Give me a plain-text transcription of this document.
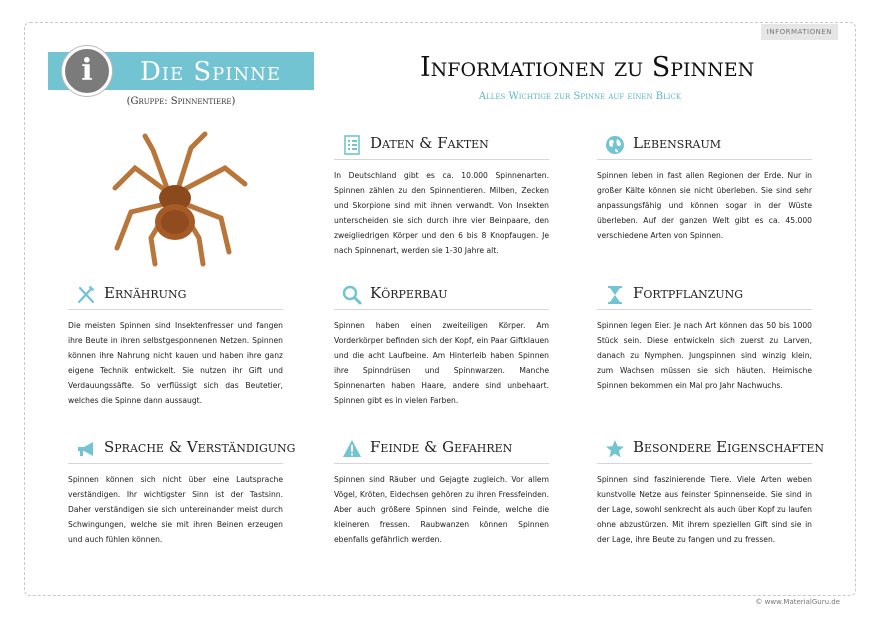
INFORMATIONEN
Die Spinne
i
(Gruppe: Spinnentiere)
Informationen zu Spinnen
Alles Wichtige zur Spinne auf einen Blick
Daten & Fakten
In Deutschland gibt es ca. 10.000 Spinnenarten. Spinnen zählen zu den Spinnentieren. Milben, Zecken und Skorpione sind mit ihnen verwandt. Von Insekten unterscheiden sie sich durch ihre vier Beinpaare, den zweigliedrigen Körper und den 6 bis 8 Knopfaugen. Je nach Spinnenart, werden sie 1-30 Jahre alt.
Lebensraum
Spinnen leben in fast allen Regionen der Erde. Nur in großer Kälte können sie nicht überleben. Sie sind sehr anpassungsfähig und können sogar in der Wüste überleben. Auf der ganzen Welt gibt es ca. 45.000 verschiedene Arten von Spinnen.
Ernährung
Die meisten Spinnen sind Insektenfresser und fangen ihre Beute in ihren selbstgesponnenen Netzen. Spinnen können ihre Nahrung nicht kauen und haben ihre ganz eigene Technik entwickelt. Sie nutzen ihr Gift und Verdauungssäfte. So verflüssigt sich das Beutetier, welches die Spinne dann aussaugt.
Körperbau
Spinnen haben einen zweiteiligen Körper. Am Vorderkörper befinden sich der Kopf, ein Paar Giftklauen und die acht Laufbeine. Am Hinterleib haben Spinnen ihre Spinndrüsen und Spinnwarzen. Manche Spinnenarten haben Haare, andere sind unbehaart. Spinnen gibt es in vielen Farben.
Fortpflanzung
Spinnen legen Eier. Je nach Art können das 50 bis 1000 Stück sein. Diese entwickeln sich zuerst zu Larven, danach zu Nymphen. Jungspinnen sind winzig klein, zum Wachsen müssen sie sich häuten. Heimische Spinnen bekommen ein Mal pro Jahr Nachwuchs.
Sprache & Verständigung
Spinnen können sich nicht über eine Lautsprache verständigen. Ihr wichtigster Sinn ist der Tastsinn. Daher verständigen sie sich untereinander meist durch Schwingungen, welche sie mit ihren Beinen erzeugen und auch fühlen können.
Feinde & Gefahren
Spinnen sind Räuber und Gejagte zugleich. Vor allem Vögel, Kröten, Eidechsen gehören zu ihren Fressfeinden. Aber auch größere Spinnen sind Feinde, welche die kleineren fressen. Raubwanzen können Spinnen ebenfalls gefährlich werden.
Besondere Eigenschaften
Spinnen sind faszinierende Tiere. Viele Arten weben kunstvolle Netze aus feinster Spinnenseide. Sie sind in der Lage, sowohl senkrecht als auch über Kopf zu laufen ohne abzustürzen. Mit ihrem speziellen Gift sind sie in der Lage, ihre Beute zu fangen und zu fressen.
© www.MaterialGuru.de
